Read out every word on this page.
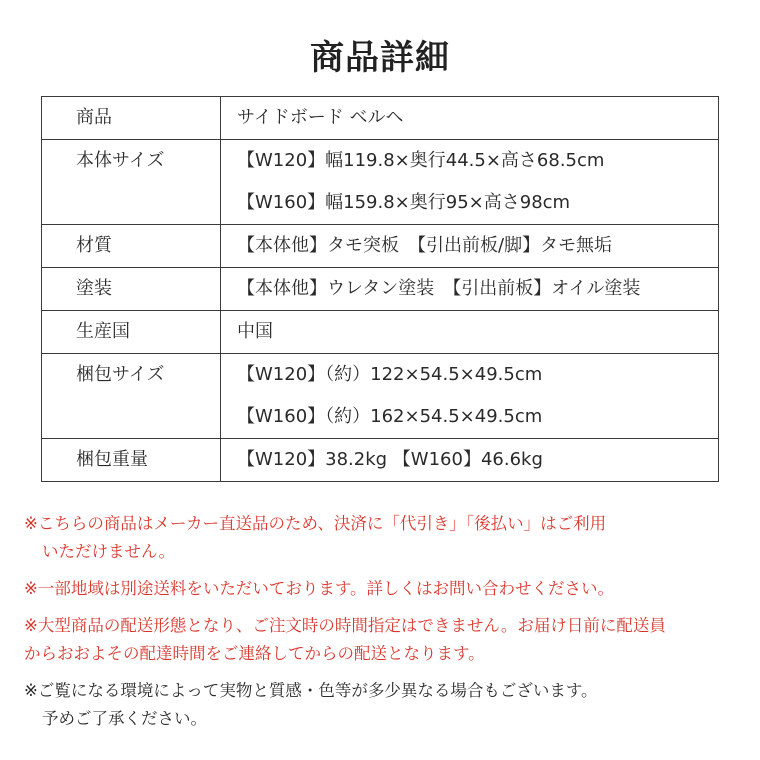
商品詳細
商品	サイドボード ベルヘ

本体サイズ	【W120】幅119.8×奥行44.5×高さ68.5cm
【W160】幅159.8×奥行95×高さ98cm

材質	【本体他】タモ突板　【引出前板/脚】タモ無垢

塗装	【本体他】ウレタン塗装　【引出前板】オイル塗装

生産国	中国

梱包サイズ	【W120】（約）122×54.5×49.5cm
【W160】（約）162×54.5×49.5cm

梱包重量	【W120】38.2kg 【W160】46.6kg
※こちらの商品はメーカー直送品のため、決済に「代引き」「後払い」はご利用
いただけません。
※一部地域は別途送料をいただいております。詳しくはお問い合わせください。
※大型商品の配送形態となり、ご注文時の時間指定はできません。お届け日前に配送員
からおおよその配達時間をご連絡してからの配送となります。
※ご覧になる環境によって実物と質感・色等が多少異なる場合もございます。
予めご了承ください。
